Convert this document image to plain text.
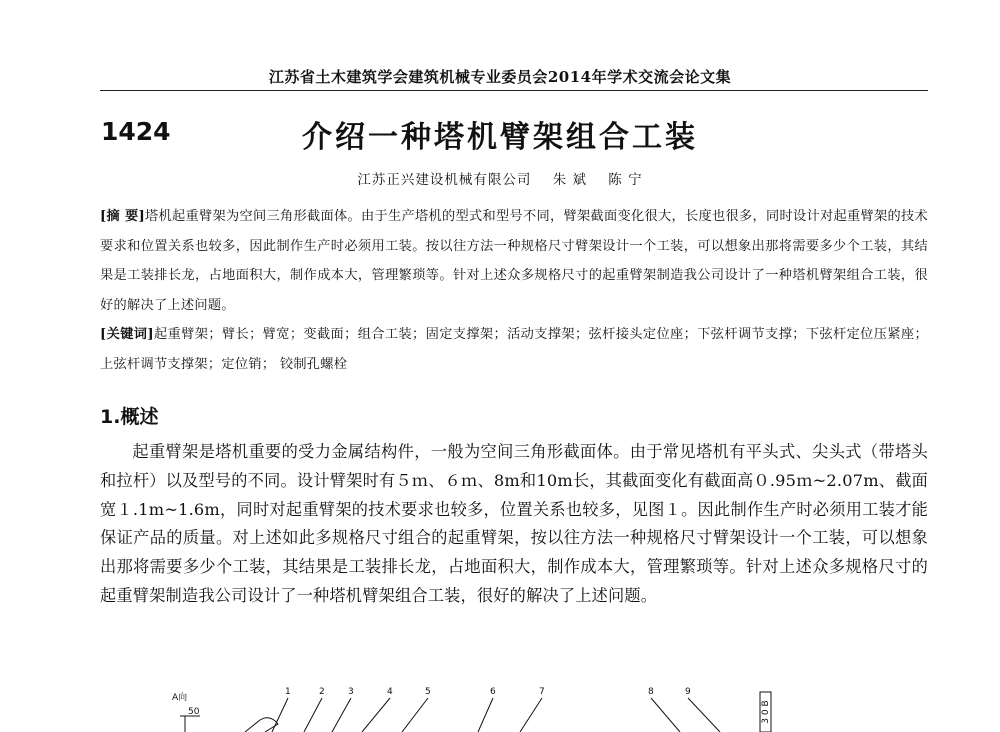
江苏省土木建筑学会建筑机械专业委员会2014年学术交流会论文集
1424	介绍一种塔机臂架组合工装
江苏正兴建设机械有限公司 朱 斌 陈 宁

[摘 要]塔机起重臂架为空间三角形截面体。由于生产塔机的型式和型号不同，臂架截面变化很大，长度也很多，同时设计对起重臂架的技术要求和位置关系也较多，因此制作生产时必须用工装。按以往方法一种规格尺寸臂架设计一个工装，可以想象出那将需要多少个工装，其结果是工装排长龙，占地面积大，制作成本大，管理繁琐等。针对上述众多规格尺寸的起重臂架制造我公司设计了一种塔机臂架组合工装，很好的解决了上述问题。

[关键词]起重臂架；臂长；臂宽；变截面；组合工装；固定支撑架；活动支撑架；弦杆接头定位座；下弦杆调节支撑；下弦杆定位压紧座；上弦杆调节支撑架；定位销； 铰制孔螺栓

1.概述

起重臂架是塔机重要的受力金属结构件，一般为空间三角形截面体。由于常见塔机有平头式、尖头式（带塔头和拉杆）以及型号的不同。设计臂架时有５ｍ、６ｍ、8m和10m长，其截面变化有截面高０.95ｍ~2.07m、截面宽１.1m~1.6m，同时对起重臂架的技术要求也较多，位置关系也较多，见图１。因此制作生产时必须用工装才能保证产品的质量。对上述如此多规格尺寸组合的起重臂架，按以往方法一种规格尺寸臂架设计一个工装，可以想象出那将需要多少个工装，其结果是工装排长龙，占地面积大，制作成本大，管理繁琐等。针对上述众多规格尺寸的起重臂架制造我公司设计了一种塔机臂架组合工装，很好的解决了上述问题。

A向
50
1	2	3	4	5	6	7	8	9
3 0 B
